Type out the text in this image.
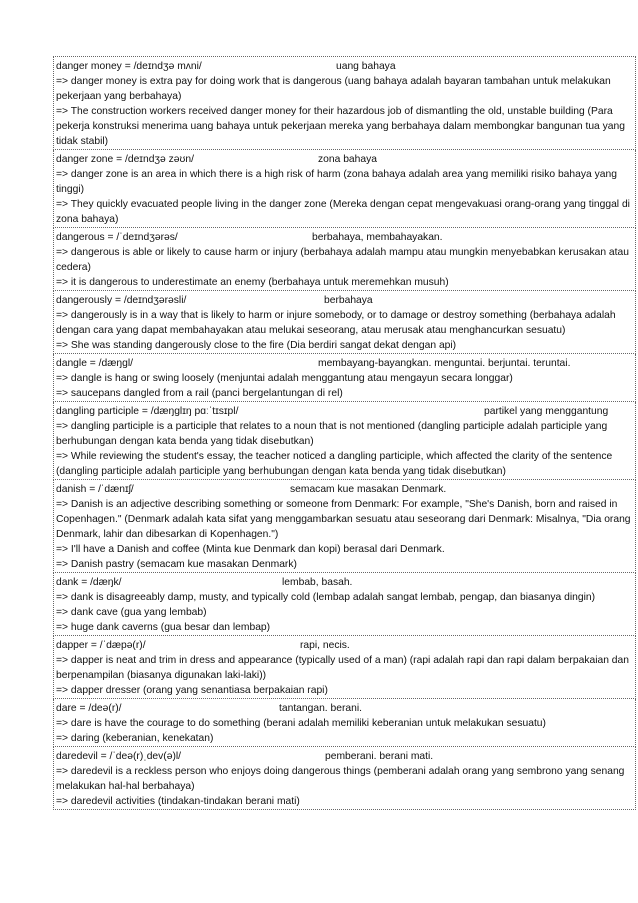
danger money = /deɪndʒə mʌni/	uang bahaya
=> danger money is extra pay for doing work that is dangerous (uang bahaya adalah bayaran tambahan untuk melakukan pekerjaan yang berbahaya)
=> The construction workers received danger money for their hazardous job of dismantling the old, unstable building (Para pekerja konstruksi menerima uang bahaya untuk pekerjaan mereka yang berbahaya dalam membongkar bangunan tua yang tidak stabil)
danger zone = /deɪndʒə zəʊn/	zona bahaya
=> danger zone is an area in which there is a high risk of harm (zona bahaya adalah area yang memiliki risiko bahaya yang tinggi)
=> They quickly evacuated people living in the danger zone (Mereka dengan cepat mengevakuasi orang-orang yang tinggal di zona bahaya)
dangerous = /ˈdeɪndʒərəs/	berbahaya, membahayakan.
=> dangerous is able or likely to cause harm or injury (berbahaya adalah mampu atau mungkin menyebabkan kerusakan atau cedera)
=> it is dangerous to underestimate an enemy (berbahaya untuk meremehkan musuh)
dangerously = /deɪndʒərəsli/	berbahaya
=> dangerously is in a way that is likely to harm or injure somebody, or to damage or destroy something (berbahaya adalah dengan cara yang dapat membahayakan atau melukai seseorang, atau merusak atau menghancurkan sesuatu)
=> She was standing dangerously close to the fire (Dia berdiri sangat dekat dengan api)
dangle = /dæŋɡl/	membayang-bayangkan. menguntai. berjuntai. teruntai.
=> dangle is hang or swing loosely (menjuntai adalah menggantung atau mengayun secara longgar)
=> saucepans dangled from a rail (panci bergelantungan di rel)
dangling participle = /dæŋɡlɪŋ pɑːˈtɪsɪpl/	partikel yang menggantung
=> dangling participle is a participle that relates to a noun that is not mentioned (dangling participle adalah participle yang berhubungan dengan kata benda yang tidak disebutkan)
=> While reviewing the student's essay, the teacher noticed a dangling participle, which affected the clarity of the sentence (dangling participle adalah participle yang berhubungan dengan kata benda yang tidak disebutkan)
danish = /ˈdænɪʃ/	semacam kue masakan Denmark.
=> Danish is an adjective describing something or someone from Denmark: For example, "She's Danish, born and raised in Copenhagen." (Denmark adalah kata sifat yang menggambarkan sesuatu atau seseorang dari Denmark: Misalnya, "Dia orang Denmark, lahir dan dibesarkan di Kopenhagen.")
=> I'll have a Danish and coffee (Minta kue Denmark dan kopi) berasal dari Denmark.
=> Danish pastry (semacam kue masakan Denmark)
dank = /dæŋk/	lembab, basah.
=> dank is disagreeably damp, musty, and typically cold (lembap adalah sangat lembab, pengap, dan biasanya dingin)
=> dank cave (gua yang lembab)
=> huge dank caverns (gua besar dan lembap)
dapper = /ˈdæpə(r)/	rapi, necis.
=> dapper is neat and trim in dress and appearance (typically used of a man) (rapi adalah rapi dan rapi dalam berpakaian dan berpenampilan (biasanya digunakan laki-laki))
=> dapper dresser (orang yang senantiasa berpakaian rapi)
dare = /deə(r)/	tantangan. berani.
=> dare is have the courage to do something (berani adalah memiliki keberanian untuk melakukan sesuatu)
=> daring (keberanian, kenekatan)
daredevil = /ˈdeə(r)ˌdev(ə)l/	pemberani. berani mati.
=> daredevil is a reckless person who enjoys doing dangerous things (pemberani adalah orang yang sembrono yang senang melakukan hal-hal berbahaya)
=> daredevil activities (tindakan-tindakan berani mati)
